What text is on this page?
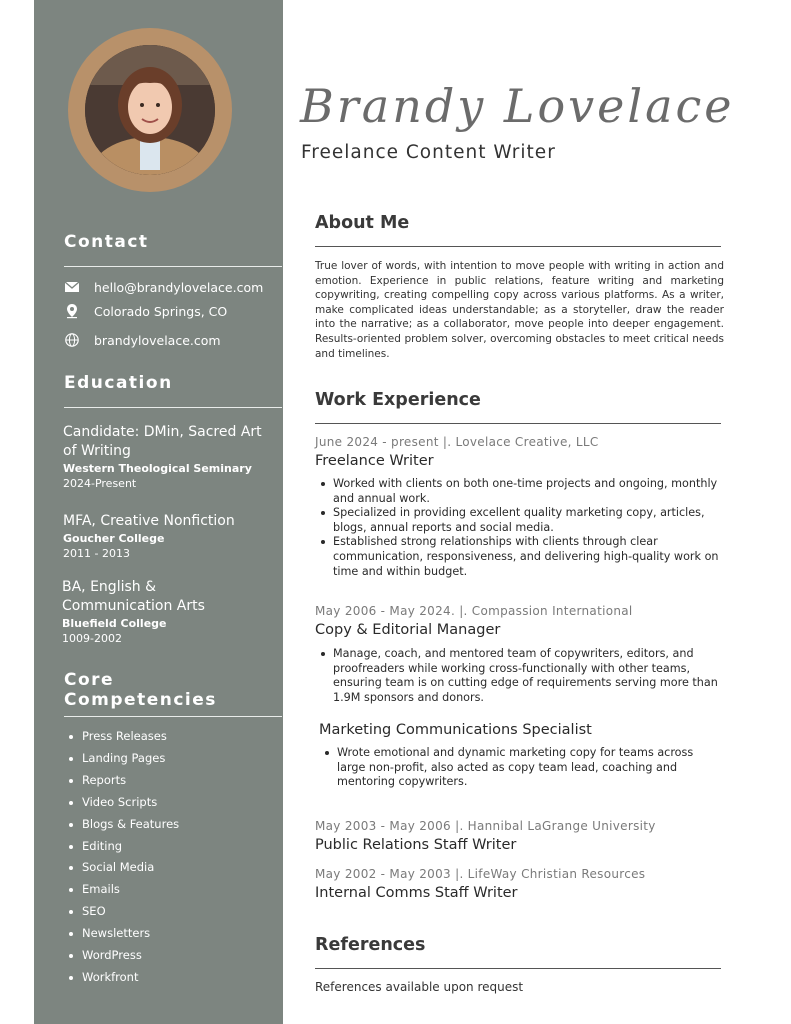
Contact
hello@brandylovelace.com
Colorado Springs, CO
brandylovelace.com
Education
Candidate: DMin, Sacred Art of Writing
Western Theological Seminary
2024-Present
MFA, Creative Nonfiction
Goucher College
2011 - 2013
BA, English & Communication Arts
Bluefield College
1009-2002
Core
Competencies
Press Releases
Landing Pages
Reports
Video Scripts
Blogs & Features
Editing
Social Media
Emails
SEO
Newsletters
WordPress
Workfront
Brandy Lovelace
Freelance Content Writer
About Me
True lover of words, with intention to move people with writing in action and emotion. Experience in public relations, feature writing and marketing copywriting, creating compelling copy across various platforms. As a writer, make complicated ideas understandable; as a storyteller, draw the reader into the narrative; as a collaborator, move people into deeper engagement. Results-oriented problem solver, overcoming obstacles to meet critical needs and timelines.
Work Experience
June 2024 - present |. Lovelace Creative, LLC
Freelance Writer
Worked with clients on both one-time projects and ongoing, monthly and annual work.
Specialized in providing excellent quality marketing copy, articles, blogs, annual reports and social media.
Established strong relationships with clients through clear communication, responsiveness, and delivering high-quality work on time and within budget.
May 2006 - May 2024. |. Compassion International
Copy & Editorial Manager
Manage, coach, and mentored team of copywriters, editors, and proofreaders while working cross-functionally with other teams, ensuring team is on cutting edge of requirements serving more than 1.9M sponsors and donors.
Marketing Communications Specialist
Wrote emotional and dynamic marketing copy for teams across large non-profit, also acted as copy team lead, coaching and mentoring copywriters.
May 2003 - May 2006 |. Hannibal LaGrange University
Public Relations Staff Writer
May 2002 - May 2003 |. LifeWay Christian Resources
Internal Comms Staff Writer
References
References available upon request
